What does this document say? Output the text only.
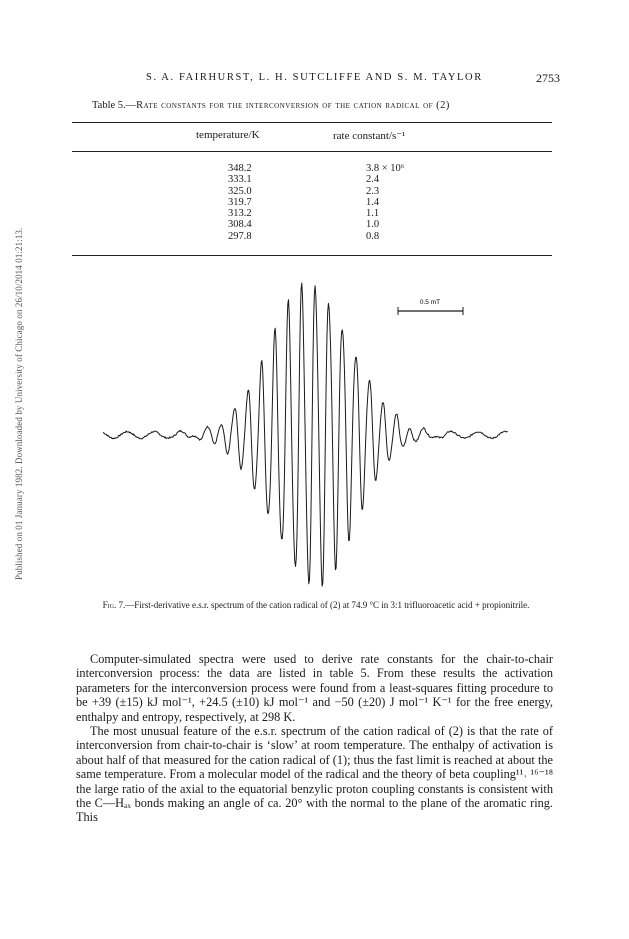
Published on 01 January 1982. Downloaded by University of Chicago on 26/10/2014 01:21:13.
S. A. FAIRHURST, L. H. SUTCLIFFE AND S. M. TAYLOR	2753
Table 5.—Rate constants for the interconversion of the cation radical of (2)
temperature/K	rate constant/s⁻¹
348.2
333.1
325.0
319.7
313.2
308.4
297.8
3.8 × 10⁶
2.4
2.3
1.4
1.1
1.0
0.8
0.5 mT
Fig. 7.—First-derivative e.s.r. spectrum of the cation radical of (2) at 74.9 °C in 3:1 trifluoroacetic acid + propionitrile.

Computer-simulated spectra were used to derive rate constants for the chair-to-chair interconversion process: the data are listed in table 5. From these results the activation parameters for the interconversion process were found from a least-squares fitting procedure to be +39 (±15) kJ mol⁻¹, +24.5 (±10) kJ mol⁻¹ and −50 (±20) J mol⁻¹ K⁻¹ for the free energy, enthalpy and entropy, respectively, at 298 K.

The most unusual feature of the e.s.r. spectrum of the cation radical of (2) is that the rate of interconversion from chair-to-chair is ‘slow’ at room temperature. The enthalpy of activation is about half of that measured for the cation radical of (1); thus the fast limit is reached at about the same temperature. From a molecular model of the radical and the theory of beta coupling¹¹˒ ¹⁶⁻¹⁸ the large ratio of the axial to the equatorial benzylic proton coupling constants is consistent with the C—Hₐₓ bonds making an angle of ca. 20° with the normal to the plane of the aromatic ring. This
